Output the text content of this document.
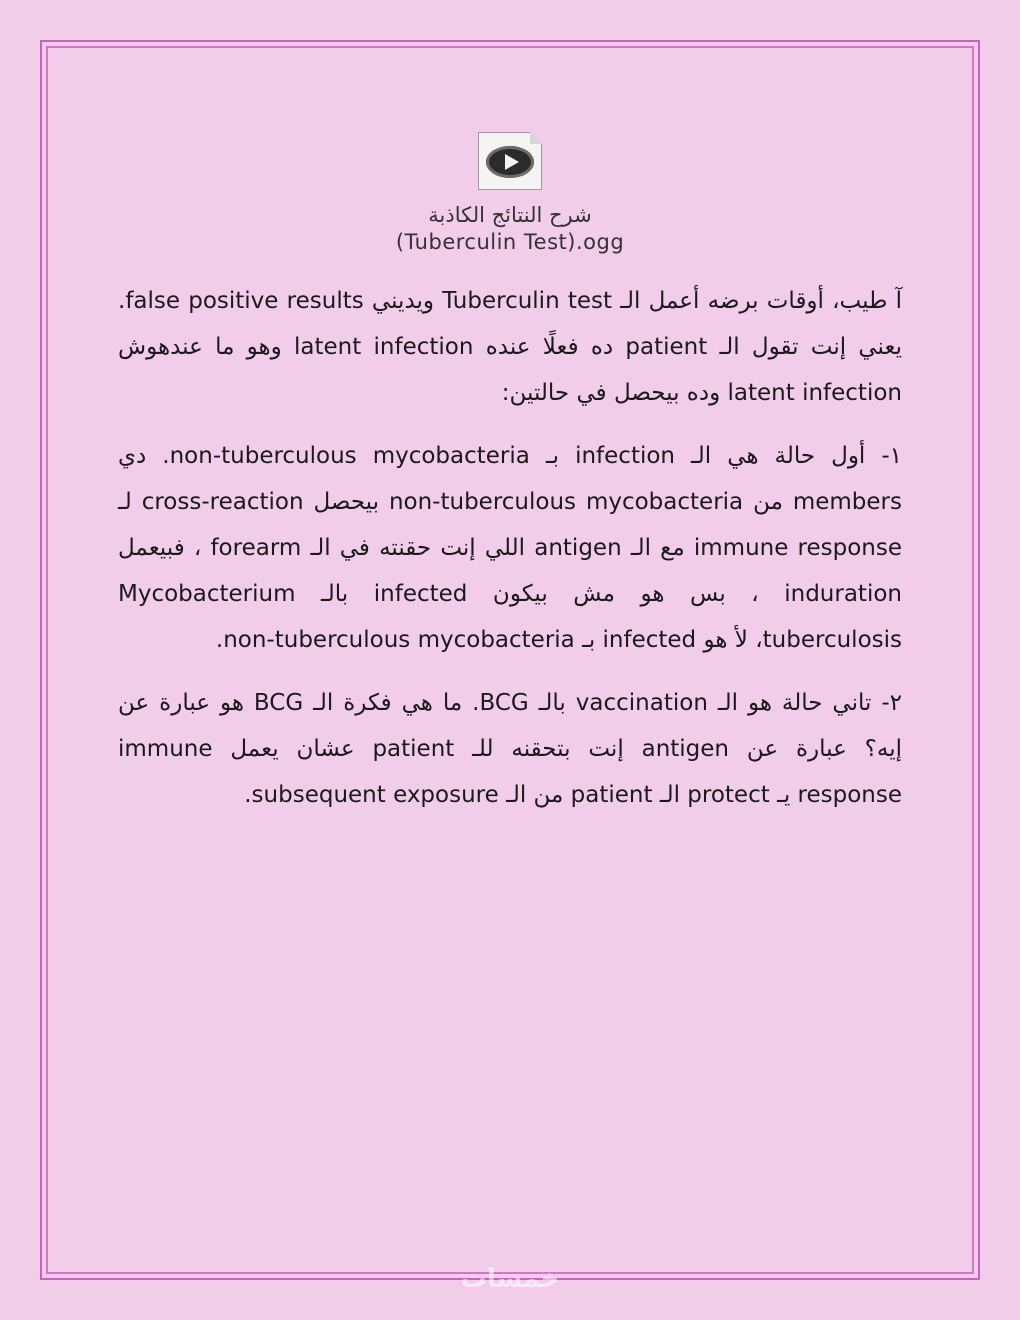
شرح النتائج الكاذبة
(Tuberculin Test).ogg

آ طيب، أوقات برضه أعمل الـ Tuberculin test ويديني false positive results. يعني إنت تقول الـ patient ده فعلًا عنده latent infection وهو ما عندهوش latent infection وده بيحصل في حالتين:

١- أول حالة هي الـ infection بـ non-tuberculous mycobacteria. دي members من non-tuberculous mycobacteria بيحصل cross-reaction لـ immune response مع الـ antigen اللي إنت حقنته في الـ forearm ، فبيعمل induration ، بس هو مش بيكون infected بالـ Mycobacterium tuberculosis، لأ هو infected بـ non-tuberculous mycobacteria.

٢- تاني حالة هو الـ vaccination بالـ BCG. ما هي فكرة الـ BCG هو عبارة عن إيه؟ عبارة عن antigen إنت بتحقنه للـ patient عشان يعمل immune response يـ protect الـ patient من الـ subsequent exposure.

خمسات
